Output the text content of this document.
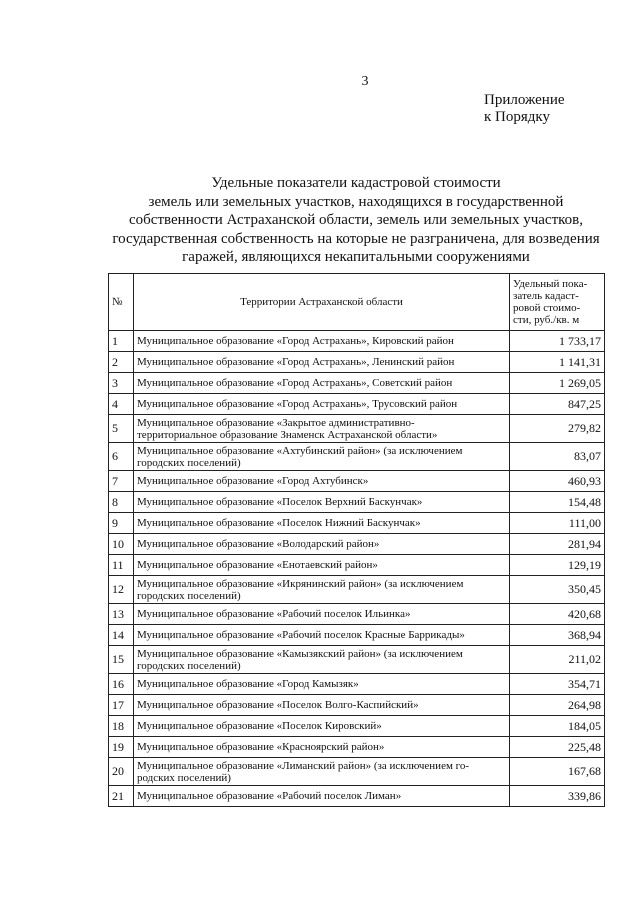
3
Приложение
к Порядку
Удельные показатели кадастровой стоимости
земель или земельных участков, находящихся в государственной
собственности Астраханской области, земель или земельных участков,
государственная собственность на которые не разграничена, для возведения
гаражей, являющихся некапитальными сооружениями
№	Территории Астраханской области	Удельный пока-
затель кадаст-
ровой стоимо-
сти, руб./кв. м

1	Муниципальное образование «Город Астрахань», Кировский район	1 733,17
2	Муниципальное образование «Город Астрахань», Ленинский район	1 141,31
3	Муниципальное образование «Город Астрахань», Советский район	1 269,05
4	Муниципальное образование «Город Астрахань», Трусовский район	847,25
5	Муниципальное образование «Закрытое административно-
территориальное образование Знаменск Астраханской области»	279,82
6	Муниципальное образование «Ахтубинский район» (за исключением
городских поселений)	83,07
7	Муниципальное образование «Город Ахтубинск»	460,93
8	Муниципальное образование «Поселок Верхний Баскунчак»	154,48
9	Муниципальное образование «Поселок Нижний Баскунчак»	111,00
10	Муниципальное образование «Володарский район»	281,94
11	Муниципальное образование «Енотаевский район»	129,19
12	Муниципальное образование «Икрянинский район» (за исключением
городских поселений)	350,45
13	Муниципальное образование «Рабочий поселок Ильинка»	420,68
14	Муниципальное образование «Рабочий поселок Красные Баррикады»	368,94
15	Муниципальное образование «Камызякский район» (за исключением
городских поселений)	211,02
16	Муниципальное образование «Город Камызяк»	354,71
17	Муниципальное образование «Поселок Волго-Каспийский»	264,98
18	Муниципальное образование «Поселок Кировский»	184,05
19	Муниципальное образование «Красноярский район»	225,48
20	Муниципальное образование «Лиманский район» (за исключением го-
родских поселений)	167,68
21	Муниципальное образование «Рабочий поселок Лиман»	339,86
